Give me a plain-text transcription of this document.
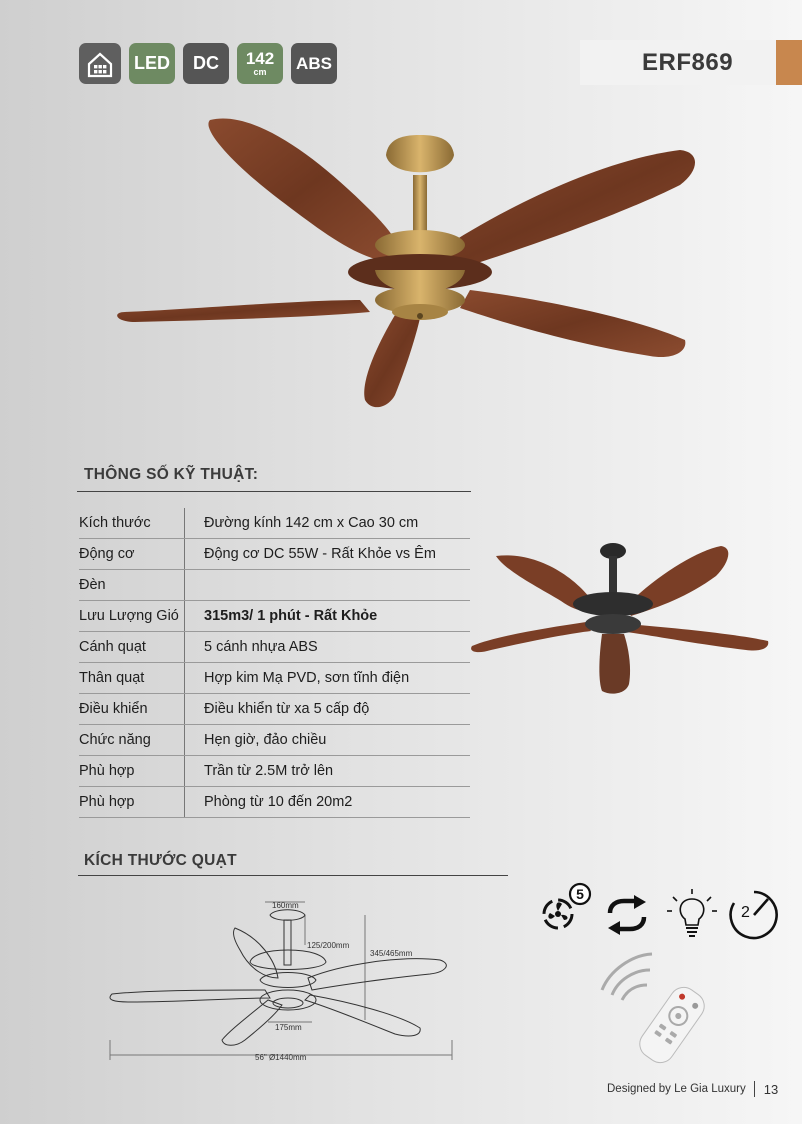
LED	DC	142
cm ABS	ERF869
THÔNG SỐ KỸ THUẬT:
Kích thước	Đường kính 142 cm x Cao 30 cm
Động cơ	Động cơ DC 55W - Rất Khỏe vs Êm
Đèn	
Lưu Lượng Gió	315m3/ 1 phút - Rất Khỏe
Cánh quạt	5 cánh nhựa ABS
Thân quạt	Hợp kim Mạ PVD, sơn tĩnh điện
Điều khiển	Điều khiển từ xa 5 cấp độ
Chức năng	Hẹn giờ, đảo chiều
Phù hợp	Trần từ 2.5M trở lên
Phù hợp	Phòng từ 10 đến 20m2
KÍCH THƯỚC QUẠT
160mm
125/200mm
345/465mm
175mm
56" Ø1440mm
5
2
Designed by Le Gia Luxury 13
